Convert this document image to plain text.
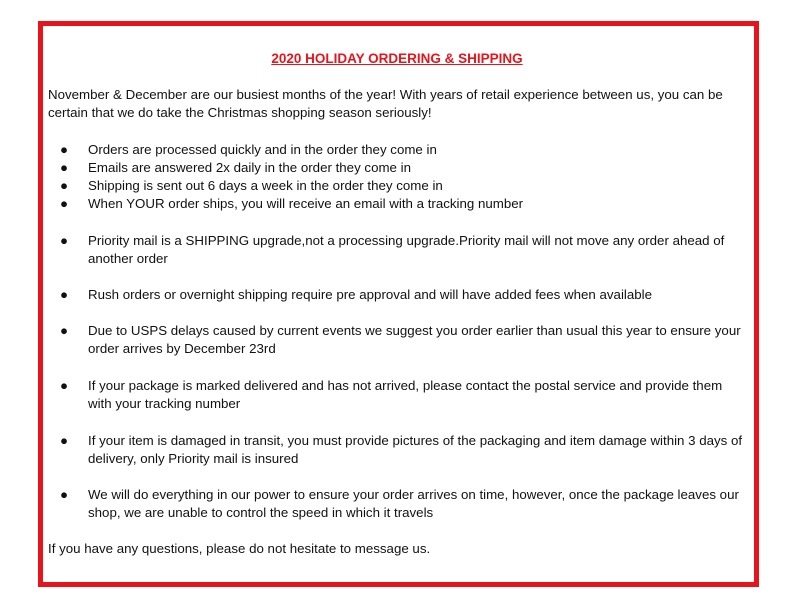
2020 HOLIDAY ORDERING & SHIPPING

November & December are our busiest months of the year! With years of retail experience between us, you can be certain that we do take the Christmas shopping season seriously!

● Orders are processed quickly and in the order they come in
● Emails are answered 2x daily in the order they come in
● Shipping is sent out 6 days a week in the order they come in
● When YOUR order ships, you will receive an email with a tracking number
● Priority mail is a SHIPPING upgrade,not a processing upgrade.Priority mail will not move any order ahead of another order
● Rush orders or overnight shipping require pre approval and will have added fees when available
● Due to USPS delays caused by current events we suggest you order earlier than usual this year to ensure your order arrives by December 23rd
● If your package is marked delivered and has not arrived, please contact the postal service and provide them with your tracking number
● If your item is damaged in transit, you must provide pictures of the packaging and item damage within 3 days of delivery, only Priority mail is insured
● We will do everything in our power to ensure your order arrives on time, however, once the package leaves our shop, we are unable to control the speed in which it travels

If you have any questions, please do not hesitate to message us.
